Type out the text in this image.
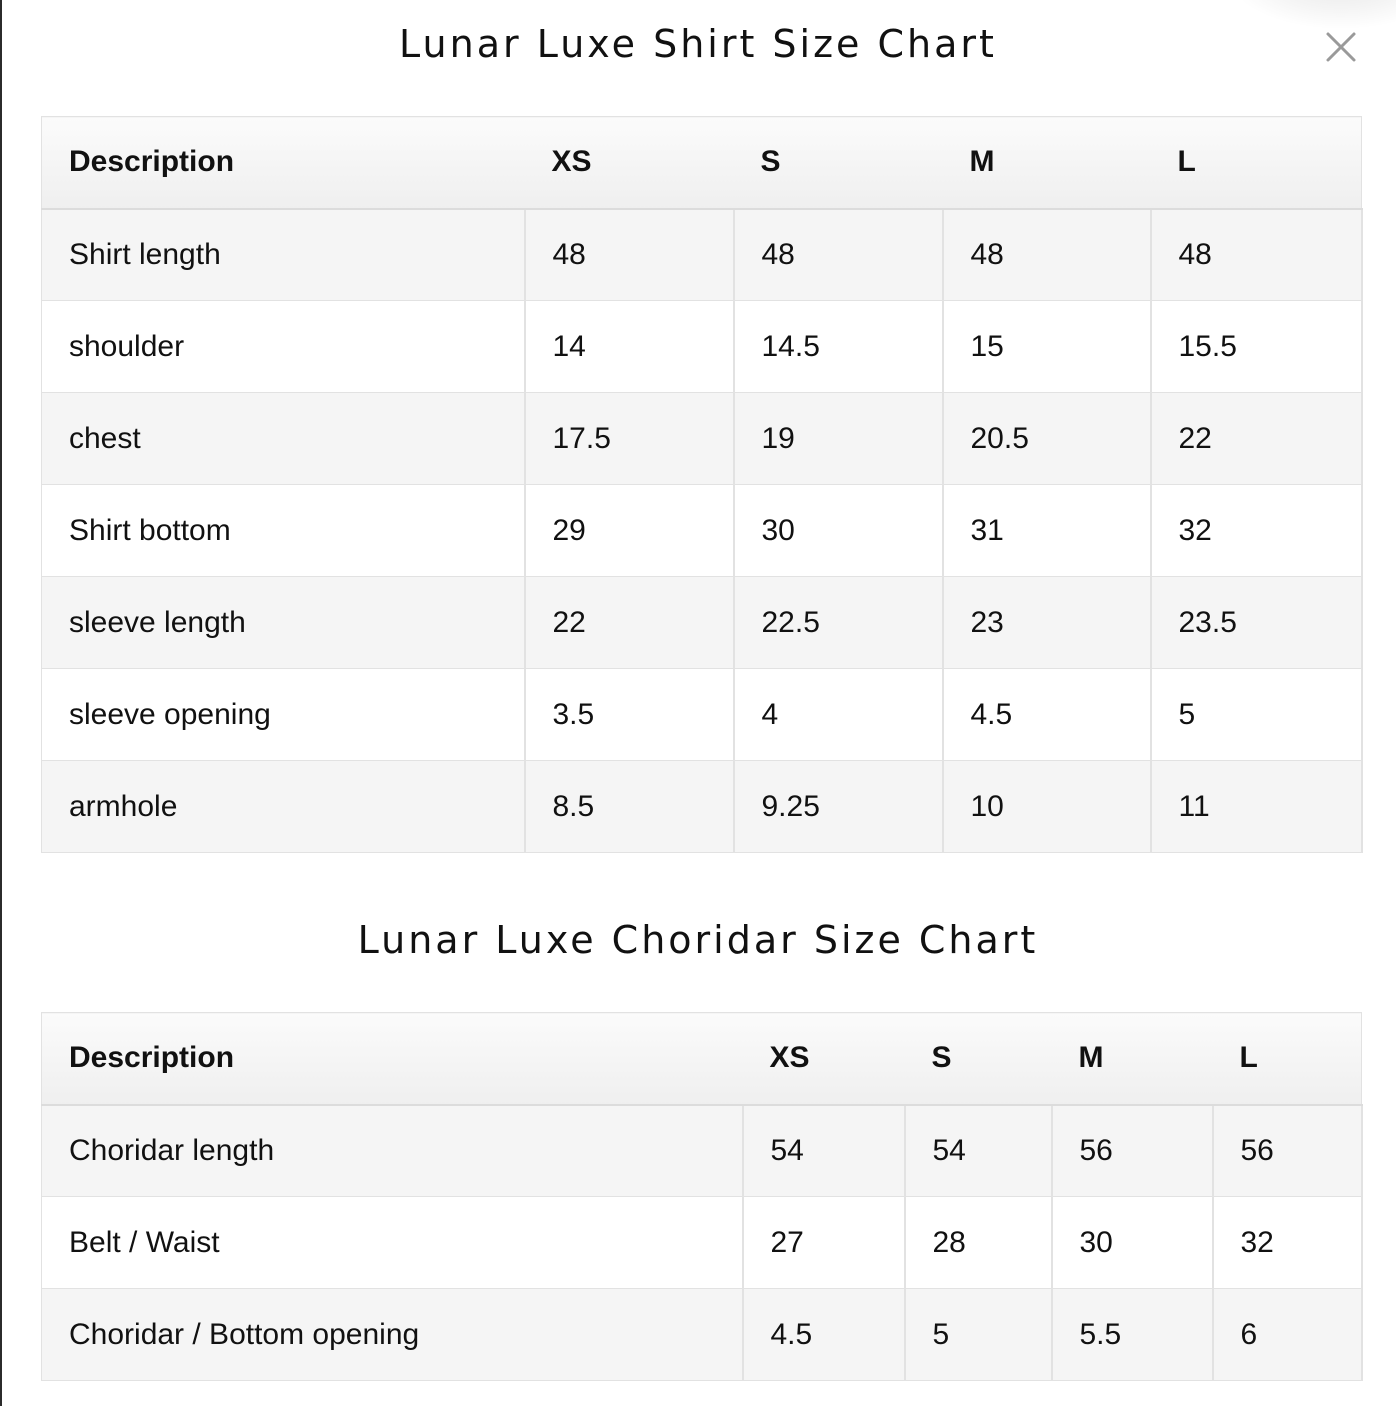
Lunar Luxe Shirt Size Chart
Description	XS	S	M	L
Shirt length	48	48	48	48
shoulder	14	14.5	15	15.5
chest	17.5	19	20.5	22
Shirt bottom	29	30	31	32
sleeve length	22	22.5	23	23.5
sleeve opening	3.5	4	4.5	5
armhole	8.5	9.25	10	11
Lunar Luxe Choridar Size Chart
Description	XS	S	M	L
Choridar length	54	54	56	56
Belt / Waist	27	28	30	32
Choridar / Bottom opening	4.5	5	5.5	6
